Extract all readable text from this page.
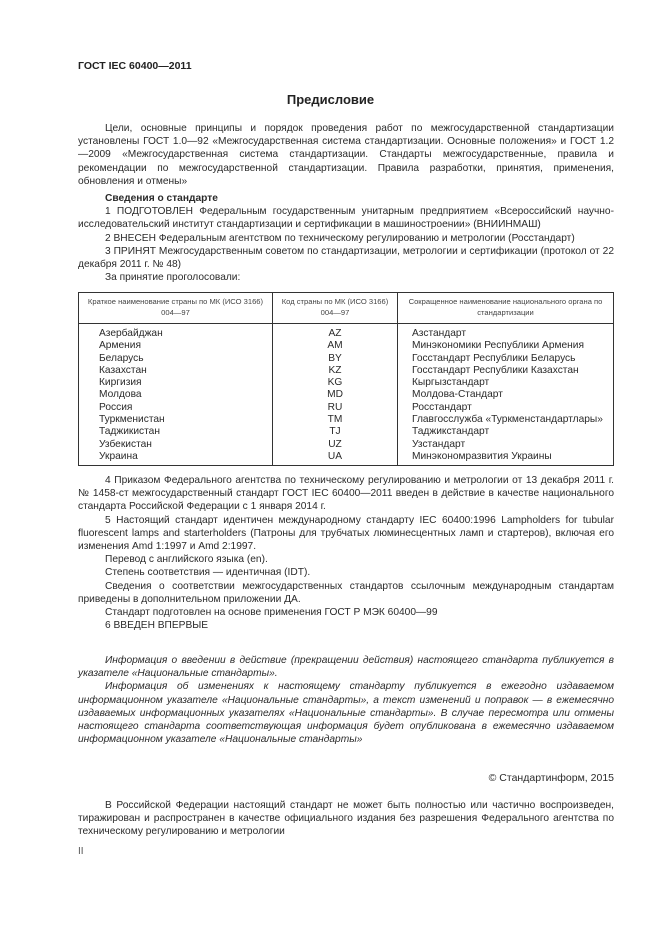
ГОСТ IEC 60400—2011
Предисловие

Цели, основные принципы и порядок проведения работ по межгосударственной стандартизации установлены ГОСТ 1.0—92 «Межгосударственная система стандартизации. Основные положения» и ГОСТ 1.2—2009 «Межгосударственная система стандартизации. Стандарты межгосударственные, правила и рекомендации по межгосударственной стандартизации. Правила разработки, принятия, применения, обновления и отмены»

Сведения о стандарте

1 ПОДГОТОВЛЕН Федеральным государственным унитарным предприятием «Всероссийский научно-исследовательский институт стандартизации и сертификации в машиностроении» (ВНИИНМАШ)

2 ВНЕСЕН Федеральным агентством по техническому регулированию и метрологии (Росстандарт)

3 ПРИНЯТ Межгосударственным советом по стандартизации, метрологии и сертификации (протокол от 22 декабря 2011 г. № 48)

За принятие проголосовали:

Краткое наименование страны по МК (ИСО 3166) 004—97	Код страны по МК (ИСО 3166) 004—97	Сокращенное наименование национального органа по стандартизации
Азербайджан	AZ	Азстандарт
Армения	AM	Минэкономики Республики Армения
Беларусь	BY	Госстандарт Республики Беларусь
Казахстан	KZ	Госстандарт Республики Казахстан
Киргизия	KG	Кыргызстандарт
Молдова	MD	Молдова-Стандарт
Россия	RU	Росстандарт
Туркменистан	TM	Главгосслужба «Туркменстандартлары»
Таджикистан	TJ	Таджикстандарт
Узбекистан	UZ	Узстандарт
Украина	UA	Минэкономразвития Украины

4 Приказом Федерального агентства по техническому регулированию и метрологии от 13 декабря 2011 г. № 1458-ст межгосударственный стандарт ГОСТ IEC 60400—2011 введен в действие в качестве национального стандарта Российской Федерации с 1 января 2014 г.

5 Настоящий стандарт идентичен международному стандарту IEC 60400:1996 Lampholders for tubular fluorescent lamps and starterholders (Патроны для трубчатых люминесцентных ламп и стартеров), включая его изменения Amd 1:1997 и Amd 2:1997.

Перевод с английского языка (en).

Степень соответствия — идентичная (IDT).

Сведения о соответствии межгосударственных стандартов ссылочным международным стандартам приведены в дополнительном приложении ДА.

Стандарт подготовлен на основе применения ГОСТ Р МЭК 60400—99

6 ВВЕДЕН ВПЕРВЫЕ

Информация о введении в действие (прекращении действия) настоящего стандарта публикуется в указателе «Национальные стандарты».

Информация об изменениях к настоящему стандарту публикуется в ежегодно издаваемом информационном указателе «Национальные стандарты», а текст изменений и поправок — в ежемесячно издаваемых информационных указателях «Национальные стандарты». В случае пересмотра или отмены настоящего стандарта соответствующая информация будет опубликована в ежемесячно издаваемом информационном указателе «Национальные стандарты»

© Стандартинформ, 2015

В Российской Федерации настоящий стандарт не может быть полностью или частично воспроизведен, тиражирован и распространен в качестве официального издания без разрешения Федерального агентства по техническому регулированию и метрологии

II
